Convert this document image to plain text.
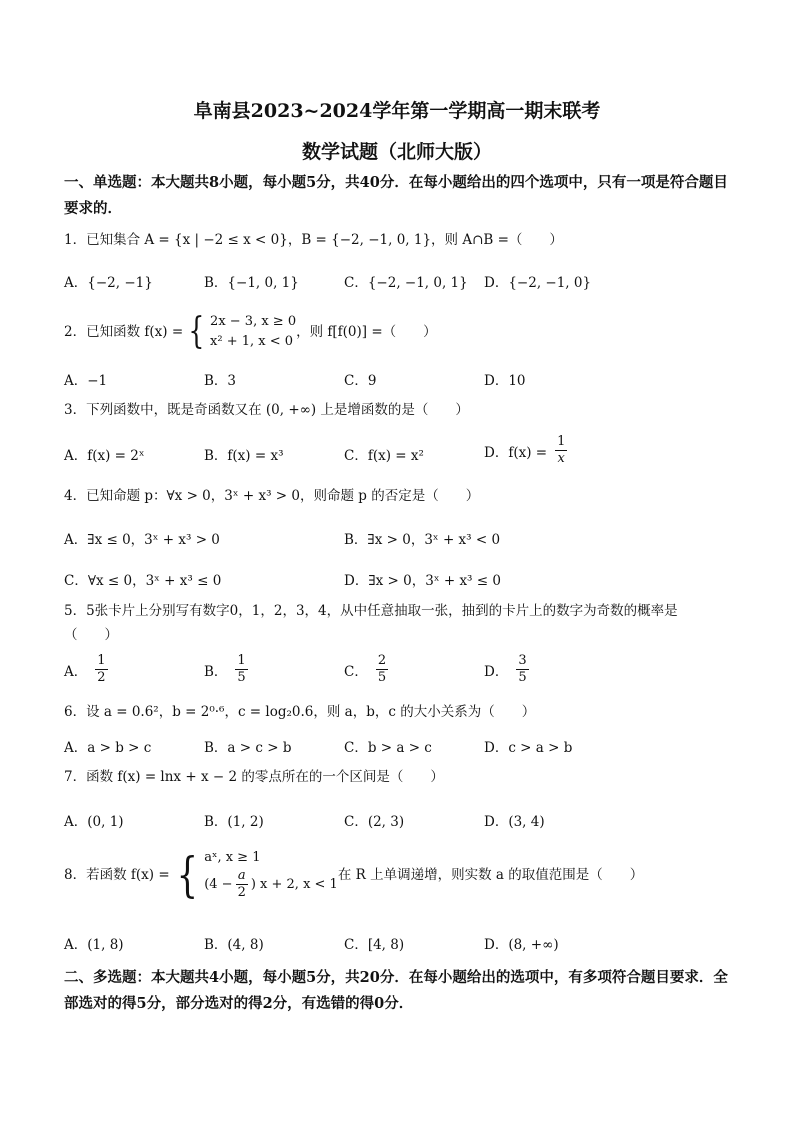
阜南县2023~2024学年第一学期高一期末联考
数学试题（北师大版）
一、单选题：本大题共8小题，每小题5分，共40分．在每小题给出的四个选项中，只有一项是符合题目要求的．
1．已知集合 A = {x | −2 ≤ x < 0}，B = {−2, −1, 0, 1}，则 A∩B =（　　）
A．{−2, −1}	B．{−1, 0, 1}	C．{−2, −1, 0, 1} D．{−2, −1, 0}
2．已知函数 f(x) = { 2x − 3, x ≥ 0
x² + 1, x < 0
，则 f[f(0)] =（　　）
A．−1	B．3	C．9	D．10
3．下列函数中，既是奇函数又在 (0, +∞) 上是增函数的是（　　）
A．f(x) = 2ˣ	B．f(x) = x³	C．f(x) = x²	D．$f(x) = \frac{1}{x}$
4．已知命题 p：∀x > 0，3ˣ + x³ > 0，则命题 p 的否定是（　　）
A．∃x ≤ 0，3ˣ + x³ > 0	B．∃x > 0，3ˣ + x³ < 0
C．∀x ≤ 0，3ˣ + x³ ≤ 0	D．∃x > 0，3ˣ + x³ ≤ 0
5．5张卡片上分别写有数字0，1，2，3，4，从中任意抽取一张，抽到的卡片上的数字为奇数的概率是
（　　）
A． $\frac{1}{2}$	B． $\frac{1}{5}$	C． $\frac{2}{5}$	D． $\frac{3}{5}$
6．设 a = 0.6²，b = 2⁰·⁶，c = log₂0.6，则 a，b，c 的大小关系为（　　）
A．a > b > c	B．a > c > b	C．b > a > c	D．c > a > b
7．函数 f(x) = lnx + x − 2 的零点所在的一个区间是（　　）
A．(0, 1)	B．(1, 2)	C．(2, 3)	D．(3, 4)
8．若函数 f(x) = { aˣ, x ≥ 1
($4 - \frac{a}{2}$ ) x + 2, x < 1
在 R 上单调递增，则实数 a 的取值范围是（　　）
A．(1, 8)	B．(4, 8)	C．[4, 8)	D．(8, +∞)
二、多选题：本大题共4小题，每小题5分，共20分．在每小题给出的选项中，有多项符合题目要求．全部选对的得5分，部分选对的得2分，有选错的得0分．
